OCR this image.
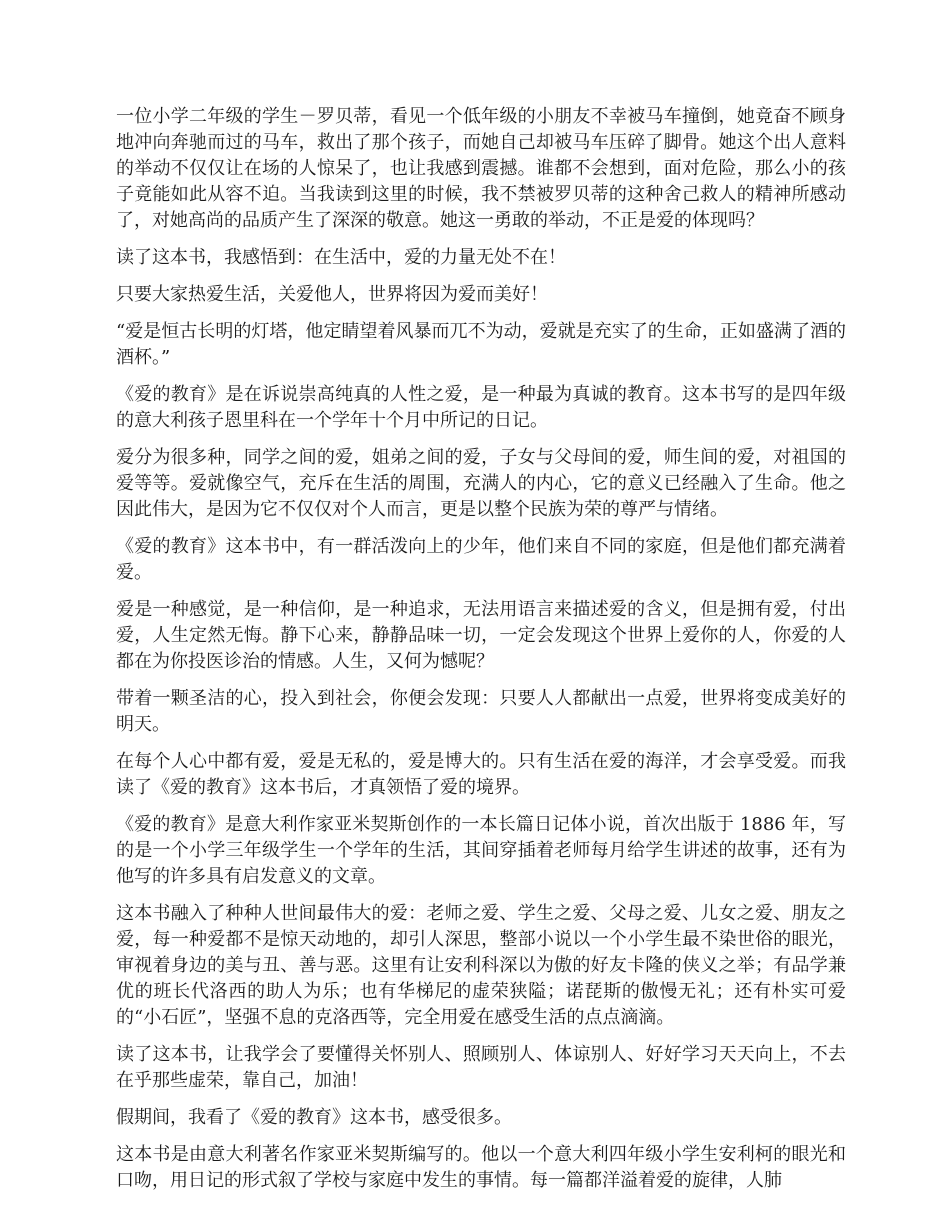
一位小学二年级的学生－罗贝蒂，看见一个低年级的小朋友不幸被马车撞倒，她竟奋不顾身地冲向奔驰而过的马车，救出了那个孩子，而她自己却被马车压碎了脚骨。她这个出人意料的举动不仅仅让在场的人惊呆了，也让我感到震撼。谁都不会想到，面对危险，那么小的孩子竟能如此从容不迫。当我读到这里的时候，我不禁被罗贝蒂的这种舍己救人的精神所感动了，对她高尚的品质产生了深深的敬意。她这一勇敢的举动，不正是爱的体现吗？

读了这本书，我感悟到：在生活中，爱的力量无处不在！

只要大家热爱生活，关爱他人，世界将因为爱而美好！

“爱是恒古长明的灯塔，他定睛望着风暴而兀不为动，爱就是充实了的生命，正如盛满了酒的酒杯。”

《爱的教育》是在诉说崇高纯真的人性之爱，是一种最为真诚的教育。这本书写的是四年级的意大利孩子恩里科在一个学年十个月中所记的日记。

爱分为很多种，同学之间的爱，姐弟之间的爱，子女与父母间的爱，师生间的爱，对祖国的爱等等。爱就像空气，充斥在生活的周围，充满人的内心，它的意义已经融入了生命。他之因此伟大，是因为它不仅仅对个人而言，更是以整个民族为荣的尊严与情绪。

《爱的教育》这本书中，有一群活泼向上的少年，他们来自不同的家庭，但是他们都充满着爱。

爱是一种感觉，是一种信仰，是一种追求，无法用语言来描述爱的含义，但是拥有爱，付出爱，人生定然无悔。静下心来，静静品味一切，一定会发现这个世界上爱你的人，你爱的人都在为你投医诊治的情感。人生，又何为憾呢？

带着一颗圣洁的心，投入到社会，你便会发现：只要人人都献出一点爱，世界将变成美好的明天。

在每个人心中都有爱，爱是无私的，爱是博大的。只有生活在爱的海洋，才会享受爱。而我读了《爱的教育》这本书后，才真领悟了爱的境界。

《爱的教育》是意大利作家亚米契斯创作的一本长篇日记体小说，首次出版于 1886 年，写的是一个小学三年级学生一个学年的生活，其间穿插着老师每月给学生讲述的故事，还有为他写的许多具有启发意义的文章。

这本书融入了种种人世间最伟大的爱：老师之爱、学生之爱、父母之爱、儿女之爱、朋友之爱，每一种爱都不是惊天动地的，却引人深思，整部小说以一个小学生最不染世俗的眼光，审视着身边的美与丑、善与恶。这里有让安利科深以为傲的好友卡隆的侠义之举；有品学兼优的班长代洛西的助人为乐；也有华梯尼的虚荣狭隘；诺琵斯的傲慢无礼；还有朴实可爱的“小石匠”，坚强不息的克洛西等，完全用爱在感受生活的点点滴滴。

读了这本书，让我学会了要懂得关怀别人、照顾别人、体谅别人、好好学习天天向上，不去在乎那些虚荣，靠自己，加油！

假期间，我看了《爱的教育》这本书，感受很多。

这本书是由意大利著名作家亚米契斯编写的。他以一个意大利四年级小学生安利柯的眼光和口吻，用日记的形式叙了学校与家庭中发生的事情。每一篇都洋溢着爱的旋律，人肺
